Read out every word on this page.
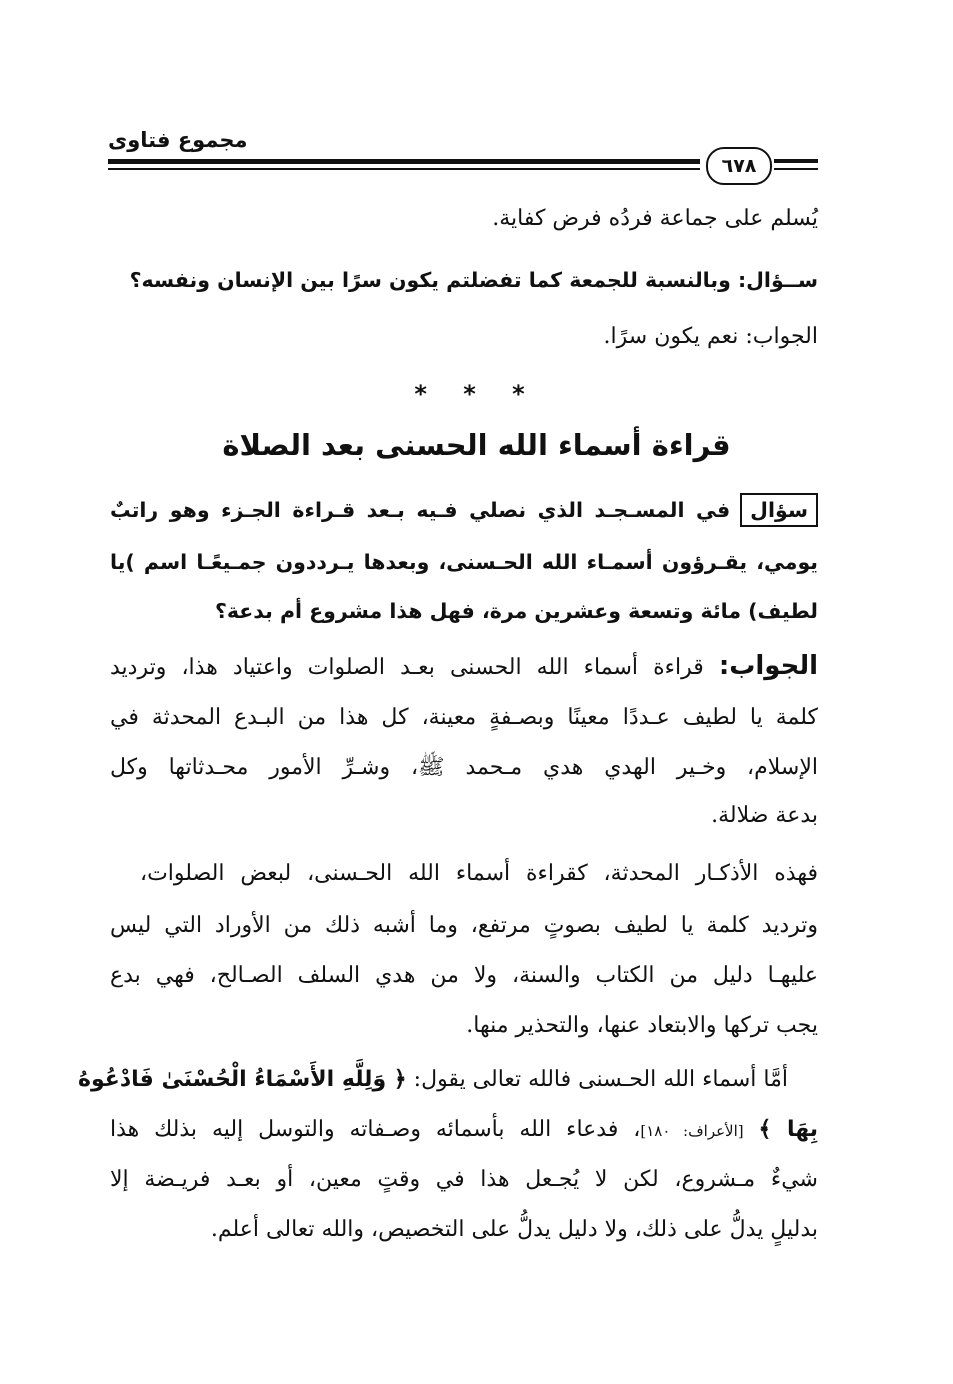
مجموع فتاوى
٦٧٨
يُسلم على جماعة فردُه فرض كفاية.
ســؤال: وبالنسبة للجمعة كما تفضلتم يكون سرًا بين الإنسان ونفسه؟
الجواب: نعم يكون سرًا.
* * *
قراءة أسماء الله الحسنى بعد الصلاة
سؤالفي المسـجـد الذي نصلي فـيه بـعد قـراءة الجـزء وهو راتبٌ
يومي، يقـرؤون أسمـاء الله الحـسنى، وبعدها يـرددون جمـيعًـا اسم )يا
لطيف) مائة وتسعة وعشرين مرة، فهل هذا مشروع أم بدعة؟
الجواب: قراءة أسماء الله الحسنى بعـد الصلوات واعتياد هذا، وترديد
كلمة يا لطيف عـددًا معينًا وبصـفةٍ معينة، كل هذا من البـدع المحدثة في
الإسلام، وخـير الهدي هدي مـحمد ﷺ، وشـرِّ الأمور محـدثاتها وكل
بدعة ضلالة.
فهذه الأذكـار المحدثة، كقراءة أسماء الله الحـسنى، لبعض الصلوات،
وترديد كلمة يا لطيف بصوتٍ مرتفع، وما أشبه ذلك من الأوراد التي ليس
عليهـا دليل من الكتاب والسنة، ولا من هدي السلف الصـالح، فهي بدع
يجب تركها والابتعاد عنها، والتحذير منها.
أمَّا أسماء الله الحـسنى فالله تعالى يقول: ﴿ وَلِلَّهِ الأَسْمَاءُ الْحُسْنَىٰ فَادْعُوهُ
بِهَا ﴾ [الأعراف: ١٨٠]، فدعاء الله بأسمائه وصـفاته والتوسل إليه بذلك هذا
شيءٌ مـشروع، لكن لا يُجـعل هذا في وقتٍ معين، أو بعـد فريـضة إلا
بدليلٍ يدلُّ على ذلك، ولا دليل يدلُّ على التخصيص، والله تعالى أعلم.
